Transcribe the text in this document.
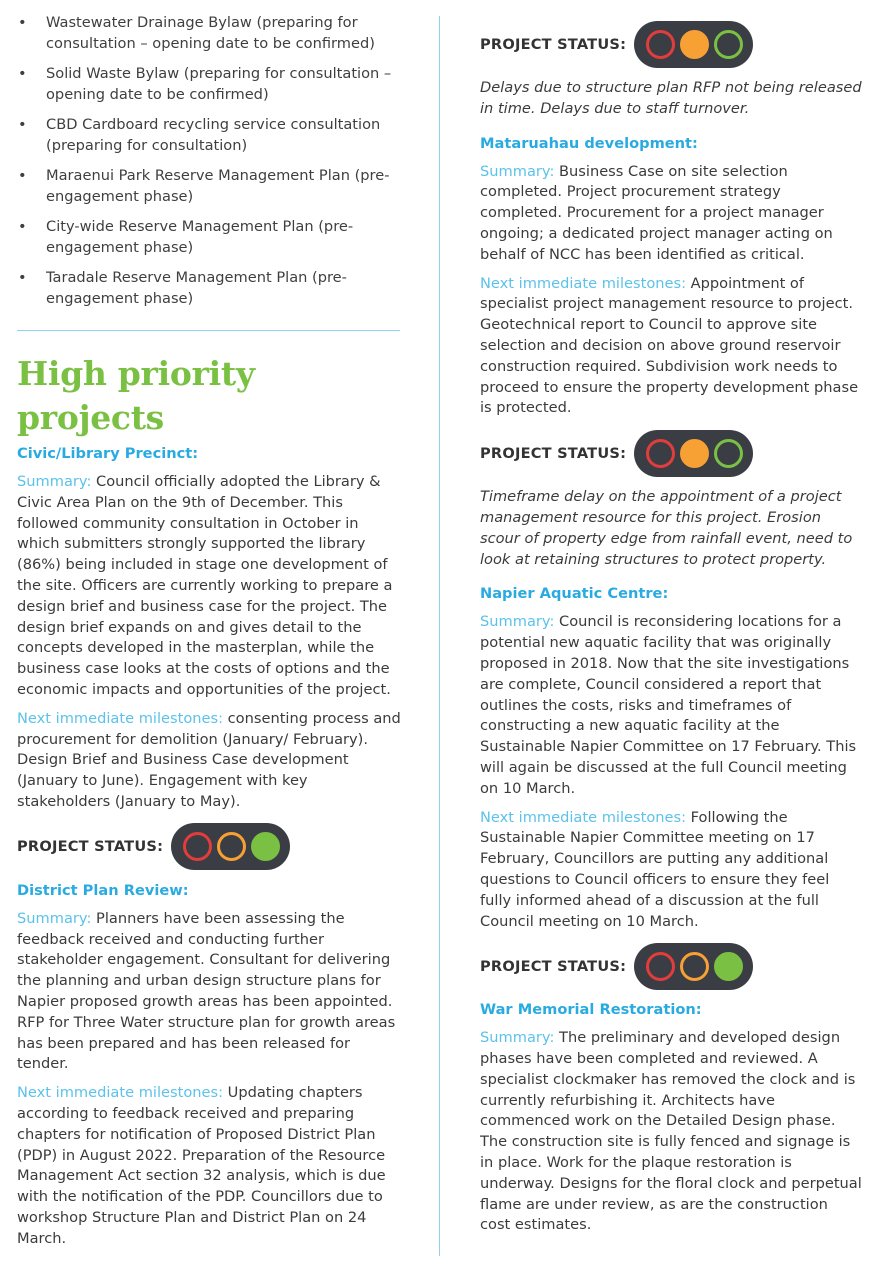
• Wastewater Drainage Bylaw (preparing for consultation – opening date to be confirmed)
• Solid Waste Bylaw (preparing for consultation – opening date to be confirmed)
• CBD Cardboard recycling service consultation (preparing for consultation)
• Maraenui Park Reserve Management Plan (pre-engagement phase)
• City-wide Reserve Management Plan (pre-engagement phase)
• Taradale Reserve Management Plan (pre-engagement phase)
High priority projects
Civic/Library Precinct:

Summary: Council officially adopted the Library & Civic Area Plan on the 9th of December. This followed community consultation in October in which submitters strongly supported the library (86%) being included in stage one development of the site. Officers are currently working to prepare a design brief and business case for the project. The design brief expands on and gives detail to the concepts developed in the masterplan, while the business case looks at the costs of options and the economic impacts and opportunities of the project.

Next immediate milestones: consenting process and procurement for demolition (January/ February). Design Brief and Business Case development (January to June). Engagement with key stakeholders (January to May).

PROJECT STATUS:
District Plan Review:

Summary: Planners have been assessing the feedback received and conducting further stakeholder engagement. Consultant for delivering the planning and urban design structure plans for Napier proposed growth areas has been appointed. RFP for Three Water structure plan for growth areas has been prepared and has been released for tender.

Next immediate milestones: Updating chapters according to feedback received and preparing chapters for notification of Proposed District Plan (PDP) in August 2022. Preparation of the Resource Management Act section 32 analysis, which is due with the notification of the PDP. Councillors due to workshop Structure Plan and District Plan on 24 March.

PROJECT STATUS:

Delays due to structure plan RFP not being released in time. Delays due to staff turnover.

Mataruahau development:

Summary: Business Case on site selection completed. Project procurement strategy completed. Procurement for a project manager ongoing; a dedicated project manager acting on behalf of NCC has been identified as critical.

Next immediate milestones: Appointment of specialist project management resource to project. Geotechnical report to Council to approve site selection and decision on above ground reservoir construction required. Subdivision work needs to proceed to ensure the property development phase is protected.

PROJECT STATUS:

Timeframe delay on the appointment of a project management resource for this project. Erosion scour of property edge from rainfall event, need to look at retaining structures to protect property.

Napier Aquatic Centre:

Summary: Council is reconsidering locations for a potential new aquatic facility that was originally proposed in 2018. Now that the site investigations are complete, Council considered a report that outlines the costs, risks and timeframes of constructing a new aquatic facility at the Sustainable Napier Committee on 17 February. This will again be discussed at the full Council meeting on 10 March.

Next immediate milestones: Following the Sustainable Napier Committee meeting on 17 February, Councillors are putting any additional questions to Council officers to ensure they feel fully informed ahead of a discussion at the full Council meeting on 10 March.

PROJECT STATUS:
War Memorial Restoration:

Summary: The preliminary and developed design phases have been completed and reviewed. A specialist clockmaker has removed the clock and is currently refurbishing it. Architects have commenced work on the Detailed Design phase. The construction site is fully fenced and signage is in place. Work for the plaque restoration is underway. Designs for the floral clock and perpetual flame are under review, as are the construction cost estimates.
